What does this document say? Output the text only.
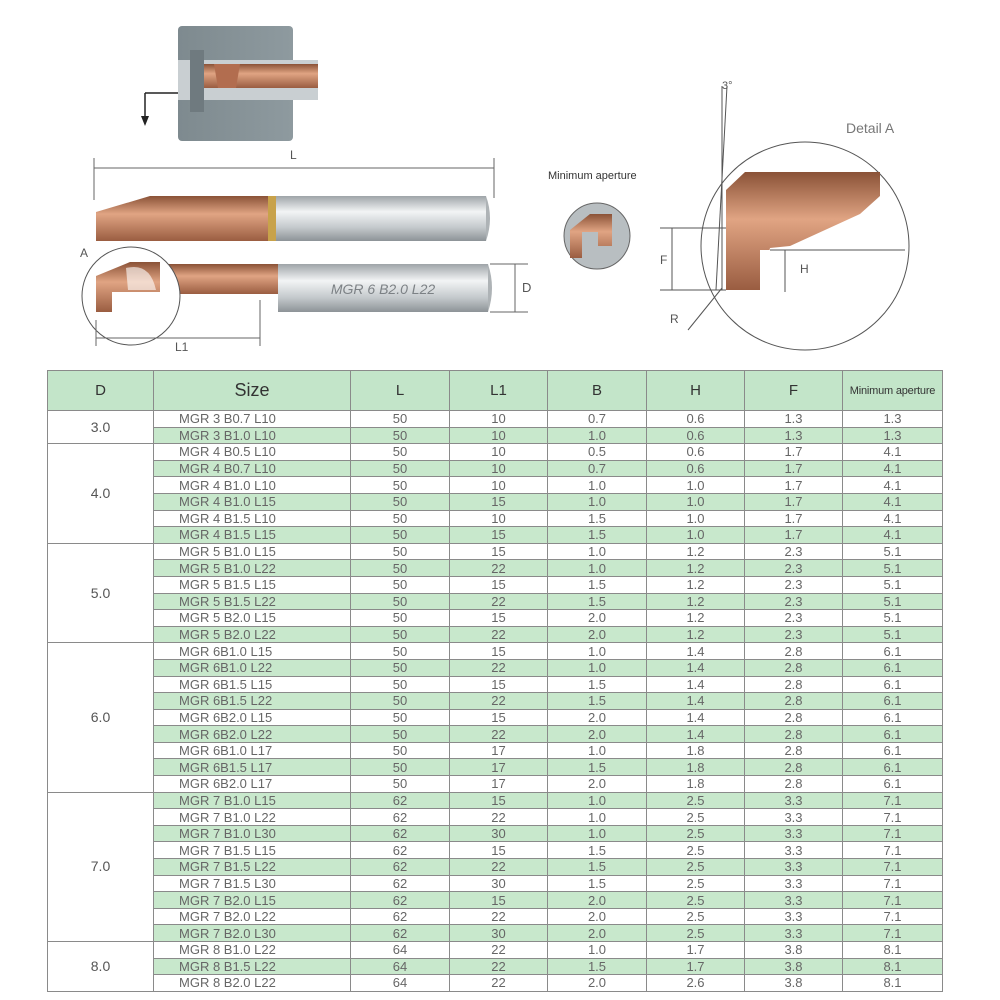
MGR 6 B2.0 L22
L
A
L1
D
Minimum aperture
3°
Detail A
F
H
R
D	Size	L	L1	B	H	F	Minimum aperture
3.0	MGR 3 B0.7 L10	50	10	0.7	0.6	1.3	1.3
	MGR 3 B1.0 L10	50	10	1.0	0.6	1.3	1.3
4.0	MGR 4 B0.5 L10	50	10	0.5	0.6	1.7	4.1
	MGR 4 B0.7 L10	50	10	0.7	0.6	1.7	4.1
	MGR 4 B1.0 L10	50	10	1.0	1.0	1.7	4.1
	MGR 4 B1.0 L15	50	15	1.0	1.0	1.7	4.1
	MGR 4 B1.5 L10	50	10	1.5	1.0	1.7	4.1
	MGR 4 B1.5 L15	50	15	1.5	1.0	1.7	4.1
5.0	MGR 5 B1.0 L15	50	15	1.0	1.2	2.3	5.1
	MGR 5 B1.0 L22	50	22	1.0	1.2	2.3	5.1
	MGR 5 B1.5 L15	50	15	1.5	1.2	2.3	5.1
	MGR 5 B1.5 L22	50	22	1.5	1.2	2.3	5.1
	MGR 5 B2.0 L15	50	15	2.0	1.2	2.3	5.1
	MGR 5 B2.0 L22	50	22	2.0	1.2	2.3	5.1
6.0	MGR 6B1.0 L15	50	15	1.0	1.4	2.8	6.1
	MGR 6B1.0 L22	50	22	1.0	1.4	2.8	6.1
	MGR 6B1.5 L15	50	15	1.5	1.4	2.8	6.1
	MGR 6B1.5 L22	50	22	1.5	1.4	2.8	6.1
	MGR 6B2.0 L15	50	15	2.0	1.4	2.8	6.1
	MGR 6B2.0 L22	50	22	2.0	1.4	2.8	6.1
	MGR 6B1.0 L17	50	17	1.0	1.8	2.8	6.1
	MGR 6B1.5 L17	50	17	1.5	1.8	2.8	6.1
	MGR 6B2.0 L17	50	17	2.0	1.8	2.8	6.1
7.0	MGR 7 B1.0 L15	62	15	1.0	2.5	3.3	7.1
	MGR 7 B1.0 L22	62	22	1.0	2.5	3.3	7.1
	MGR 7 B1.0 L30	62	30	1.0	2.5	3.3	7.1
	MGR 7 B1.5 L15	62	15	1.5	2.5	3.3	7.1
	MGR 7 B1.5 L22	62	22	1.5	2.5	3.3	7.1
	MGR 7 B1.5 L30	62	30	1.5	2.5	3.3	7.1
	MGR 7 B2.0 L15	62	15	2.0	2.5	3.3	7.1
	MGR 7 B2.0 L22	62	22	2.0	2.5	3.3	7.1
	MGR 7 B2.0 L30	62	30	2.0	2.5	3.3	7.1
8.0	MGR 8 B1.0 L22	64	22	1.0	1.7	3.8	8.1
	MGR 8 B1.5 L22	64	22	1.5	1.7	3.8	8.1
	MGR 8 B2.0 L22	64	22	2.0	2.6	3.8	8.1
